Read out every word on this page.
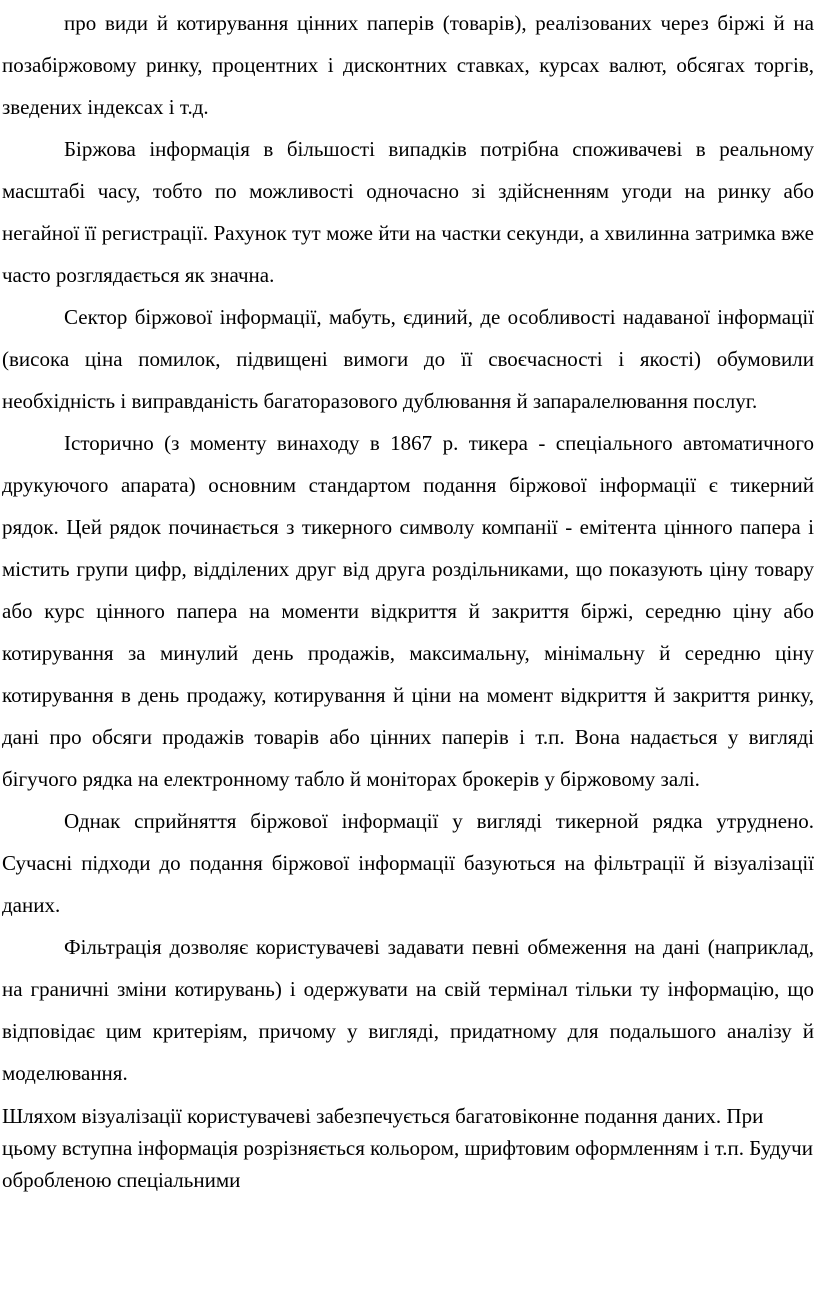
про види й котирування цінних паперів (товарів), реалізованих через біржі й на позабіржовому ринку, процентних і дисконтних ставках, курсах валют, обсягах торгів, зведених індексах і т.д.

Біржова інформація в більшості випадків потрібна споживачеві в реальному масштабі часу, тобто по можливості одночасно зі здійсненням угоди на ринку або негайної її регистрації. Рахунок тут може йти на частки секунди, а хвилинна затримка вже часто розглядається як значна.

Сектор біржової інформації, мабуть, єдиний, де особливості надаваної інформації (висока ціна помилок, підвищені вимоги до її своєчасності і якості) обумовили необхідність і виправданість багаторазового дублювання й запаралелювання послуг.

Історично (з моменту винаходу в 1867 р. тикера - спеціального автоматичного друкуючого апарата) основним стандартом подання біржової інформації є тикерний рядок. Цей рядок починається з тикерного символу компанії - емітента цінного папера і містить групи цифр, відділених друг від друга роздільниками, що показують ціну товару або курс цінного папера на моменти відкриття й закриття біржі, середню ціну або котирування за минулий день продажів, максимальну, мінімальну й середню ціну котирування в день продажу, котирування й ціни на момент відкриття й закриття ринку, дані про обсяги продажів товарів або цінних паперів і т.п. Вона надається у вигляді бігучого рядка на електронному табло й моніторах брокерів у біржовому залі.

Однак сприйняття біржової інформації у вигляді тикерной рядка утруднено. Сучасні підходи до подання біржової інформації базуються на фільтрації й візуалізації даних.

Фільтрація дозволяє користувачеві задавати певні обмеження на дані (наприклад, на граничні зміни котирувань) і одержувати на свій термінал тільки ту інформацію, що відповідає цим критеріям, причому у вигляді, придатному для подальшого аналізу й моделювання.

Шляхом візуалізації користувачеві забезпечується багатовіконне подання даних. При цьому вступна інформація розрізняється кольором, шрифтовим оформленням і т.п. Будучи обробленою спеціальними
